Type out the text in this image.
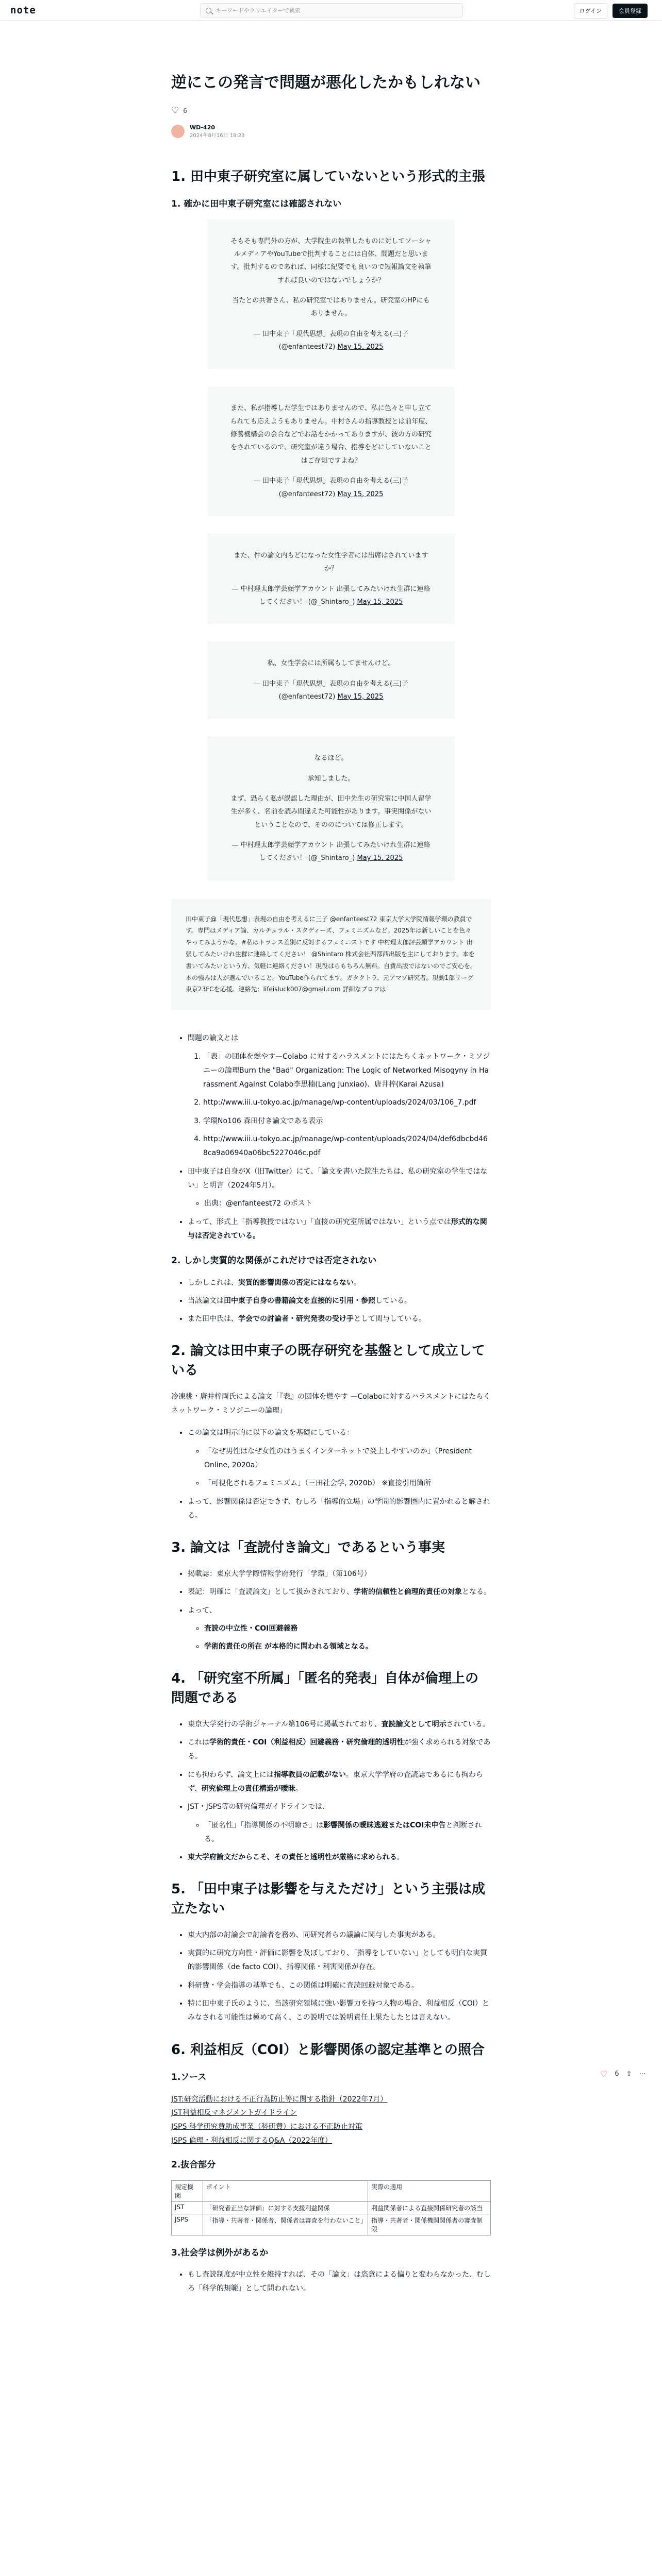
note	キーワードやクリエイターで検索	ログイン	会員登録
♡ 6 ⇧ ⋯
逆にこの発言で問題が悪化したかもしれない
♡ 6
WD-420
2024年8月16日 19:23
1. 田中東子研究室に属していないという形式的主張
1. 確かに田中東子研究室には確認されない

そもそも専門外の方が、大学院生の執筆したものに対してソーシャルメディアやYouTubeで批判することには自体、問題だと思います。批判するのであれば、同様に紀要でも良いので短報論文を執筆すれば良いのではないでしょうか？

当たとの共著さん、私の研究室ではありません。研究室のHPにもありません。

— 田中東子「現代思想」表現の自由を考える(三)子 (@enfanteest72) May 15, 2025

また、私が指導した学生ではありませんので、私に色々と申し立てられても応えようもありません。中村さんの指導教授とは前年度、修養機構会の会合などでお話をかかってありますが、彼の方の研究をされているので、研究室が違う場合、指導をどにしていないことはご存知ですよね？

— 田中東子「現代思想」表現の自由を考える(三)子 (@enfanteest72) May 15, 2025

また、件の論文内もどになった女性学者には出席はされていますか？

— 中村理太郎学芸顔学アカウント 出張してみたいけれ生群に連絡してください！ (@_Shintaro_) May 15, 2025

私、女性学会には所属もしてませんけど。

— 田中東子「現代思想」表現の自由を考える(三)子 (@enfanteest72) May 15, 2025

なるほど。

承知しました。

まず、恐らく私が誤認した理由が、田中先生の研究室に中国人留学生が多く、名前を読み間違えた可能性があります。事実関係がないということなので、そののについては修正します。

— 中村理太郎学芸顔学アカウント 出張してみたいけれ生群に連絡してください！ (@_Shintaro_) May 15, 2025

田中東子@「現代思想」表現の自由を考えるに三子 @enfanteest72 東京大学大学院情報学環の教員です。専門はメディア論、カルチュラル・スタディーズ、フェミニズムなど。2025年は新しいことを色々やってみようかな。#私はトランス差別に反対するフェミニストです 中村理太郎評芸顔学アカウント 出張してみたいけれ生群に連絡してください！ @Shintaro 株式会社西都西出版を主にしております。本を書いてみたいという方、気軽に連絡ください！現役はらもちろん無料。自費出版ではないのでご安心を。本の強みは人が選んでいること。YouTube作られてます。ガタクトラ、元アマゾ研究者。現動1部リーグ東京23FCを応援。連絡先：lifeisluck007@gmail.com 詳細なプロフは
• 問題の論文とは
1. 「表」の団体を燃やす—Colabo に対するハラスメントにはたらくネットワーク・ミソジニーの論理Burn the "Bad" Organization: The Logic of Networked Misogyny in Harassment Against Colabo李思楠(Lang Junxiao)、唐井梓(Karai Azusa)
2. http://www.iii.u-tokyo.ac.jp/manage/wp-content/uploads/2024/03/106_7.pdf
3. 学環No106 森田付き論文である表示
4. http://www.iii.u-tokyo.ac.jp/manage/wp-content/uploads/2024/04/def6dbcbd468ca9a06940a06bc5227046c.pdf
• 田中東子は自身がX（旧Twitter）にて、「論文を書いた院生たちは、私の研究室の学生ではない」と明言（2024年5月）。
◦ 出典：@enfanteest72 のポスト
• よって、形式上「指導教授ではない」「直接の研究室所属ではない」という点では形式的な関与は否定されている。
2. しかし実質的な関係がこれだけでは否定されない
• しかしこれは、実質的影響関係の否定にはならない。
• 当該論文は田中東子自身の書籍論文を直接的に引用・参照している。
• また田中氏は、学会での討論者・研究発表の受け手として関与している。
2. 論文は田中東子の既存研究を基盤として成立している

冷凍桃・唐井梓両氏による論文「『表』の団体を燃やす —Colaboに対するハラスメントにはたらくネットワーク・ミソジニーの論理」

• この論文は明示的に以下の論文を基礎にしている：
◦ 「なぜ男性はなぜ女性のはうまくインターネットで炎上しやすいのか」（President Online, 2020a）
◦ 「可視化されるフェミニズム」（三田社会学, 2020b） ※直接引用箇所
• よって、影響関係は否定できず、むしろ「指導的立場」の学問的影響圏内に置かれると解される。
3. 論文は「査読付き論文」であるという事実
• 掲載誌：東京大学学際情報学府発行「学環」（第106号）
• 表記：明確に「査読論文」として扱かされており、学術的信頼性と倫理的責任の対象となる。
• よって、
◦ 査読の中立性・COI回避義務
◦ 学術的責任の所在 が本格的に問われる領域となる。
4. 「研究室不所属」「匿名的発表」自体が倫理上の問題である
• 東京大学発行の学術ジャーナル第106号に掲載されており、査読論文として明示されている。
• これは学術的責任・COI（利益相反）回避義務・研究倫理的透明性が強く求められる対象である。
• にも拘わらず、論文上には指導教員の記載がない。東京大学学府の査読誌であるにも拘わらず、研究倫理上の責任構造が曖昧。
• JST・JSPS等の研究倫理ガイドラインでは、
◦ 「匿名性」「指導関係の不明瞭さ」は影響関係の曖昧逃避またはCOI未申告と判断される。
• 東大学府論文だからこそ、その責任と透明性が厳格に求められる。
5. 「田中東子は影響を与えただけ」という主張は成立たない
• 東大内部の討論会で討論者を務め、同研究者らの議論に関与した事実がある。
• 実質的に研究方向性・評価に影響を及ぼしており、「指導をしていない」としても明白な実質的影響関係（de facto COI）、指導関係・利害関係が存在。
• 科研費・学会指導の基準でも、この関係は明確に査読回避対象である。
• 特に田中東子氏のように、当該研究領域に強い影響力を持つ人物の場合、利益相反（COI）とみなされる可能性は極めて高く、この説明では説明責任上果たしたとは言えない。
6. 利益相反（COI）と影響関係の認定基準との照合
1.ソース
JST:研究活動における不正行為防止等に関する指針（2022年7月）
JST利益相反マネジメントガイドライン
JSPS 科学研究費助成事業（科研費）における不正防止対策
JSPS 倫理・利益相反に関するQ&A（2022年度）
2.抜合部分
規定機関	ポイント	実際の適用
JST	「研究者正当な評価」に対する支援利益関係	利益関係者による直接関係研究者の該当
JSPS	「指導・共著者・関係者、関係者は審査を行わないこと」	指導・共著者・関係機関関係者の審査制限
3.社会学は例外があるか
• もし査読制度が中立性を維持すれば、その「論文」は恣意による偏りと変わらなかった、むしろ「科学的規範」として問われない。
